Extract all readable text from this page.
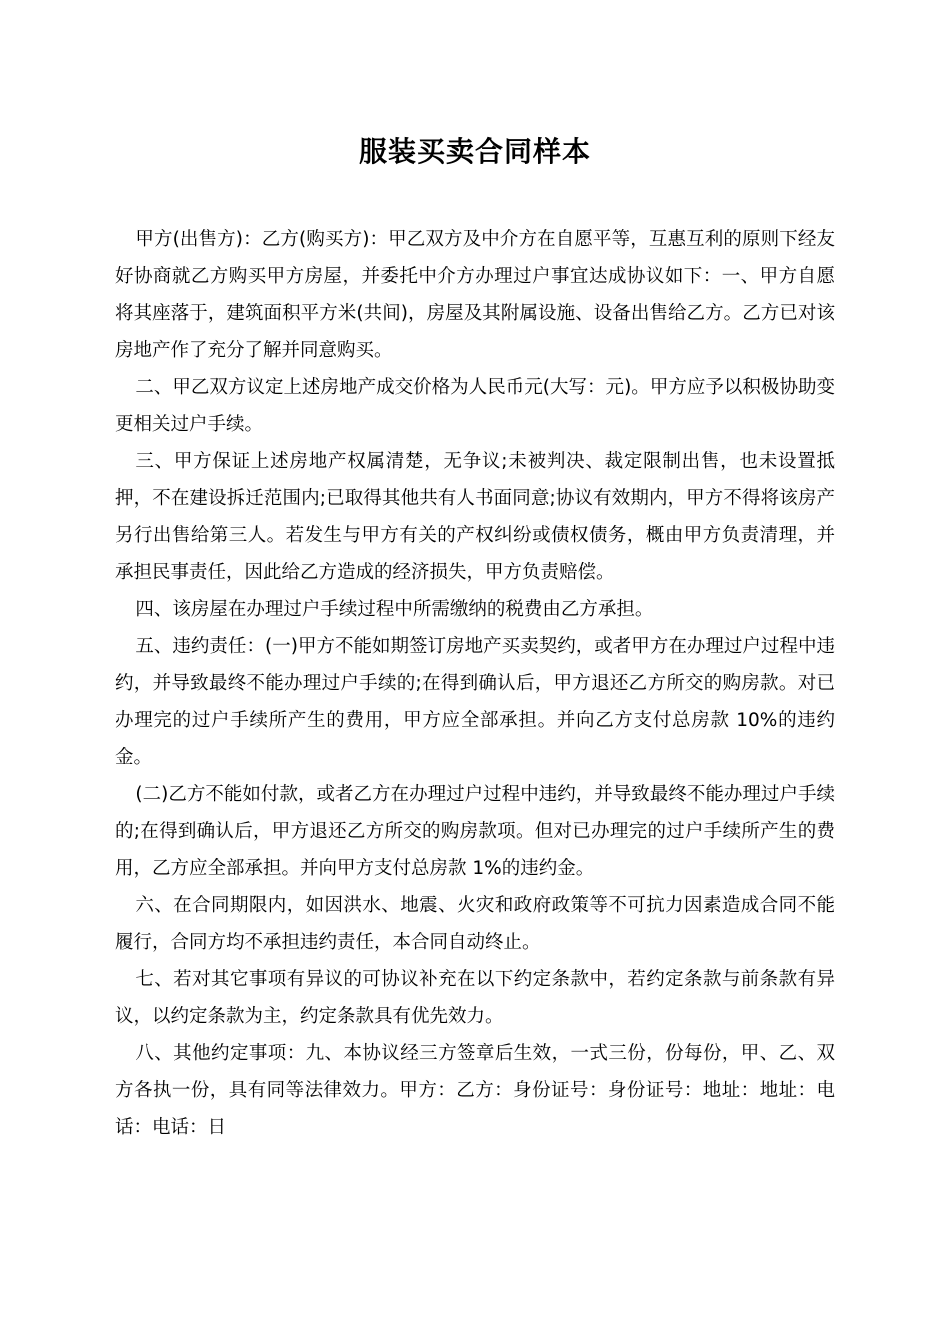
服装买卖合同样本

甲方(出售方)：乙方(购买方)：甲乙双方及中介方在自愿平等，互惠互利的原则下经友好协商就乙方购买甲方房屋，并委托中介方办理过户事宜达成协议如下：一、甲方自愿将其座落于，建筑面积平方米(共间)，房屋及其附属设施、设备出售给乙方。乙方已对该房地产作了充分了解并同意购买。

二、甲乙双方议定上述房地产成交价格为人民币元(大写：元)。甲方应予以积极协助变更相关过户手续。

三、甲方保证上述房地产权属清楚，无争议;未被判决、裁定限制出售，也未设置抵押，不在建设拆迁范围内;已取得其他共有人书面同意;协议有效期内，甲方不得将该房产另行出售给第三人。若发生与甲方有关的产权纠纷或债权债务，概由甲方负责清理，并承担民事责任，因此给乙方造成的经济损失，甲方负责赔偿。

四、该房屋在办理过户手续过程中所需缴纳的税费由乙方承担。

五、违约责任：(一)甲方不能如期签订房地产买卖契约，或者甲方在办理过户过程中违约，并导致最终不能办理过户手续的;在得到确认后，甲方退还乙方所交的购房款。对已办理完的过户手续所产生的费用，甲方应全部承担。并向乙方支付总房款 10%的违约金。

(二)乙方不能如付款，或者乙方在办理过户过程中违约，并导致最终不能办理过户手续的;在得到确认后，甲方退还乙方所交的购房款项。但对已办理完的过户手续所产生的费用，乙方应全部承担。并向甲方支付总房款 1%的违约金。

六、在合同期限内，如因洪水、地震、火灾和政府政策等不可抗力因素造成合同不能履行，合同方均不承担违约责任，本合同自动终止。

七、若对其它事项有异议的可协议补充在以下约定条款中，若约定条款与前条款有异议，以约定条款为主，约定条款具有优先效力。

八、其他约定事项：九、本协议经三方签章后生效，一式三份，份每份，甲、乙、双方各执一份，具有同等法律效力。甲方：乙方：身份证号：身份证号：地址：地址：电话：电话：日
